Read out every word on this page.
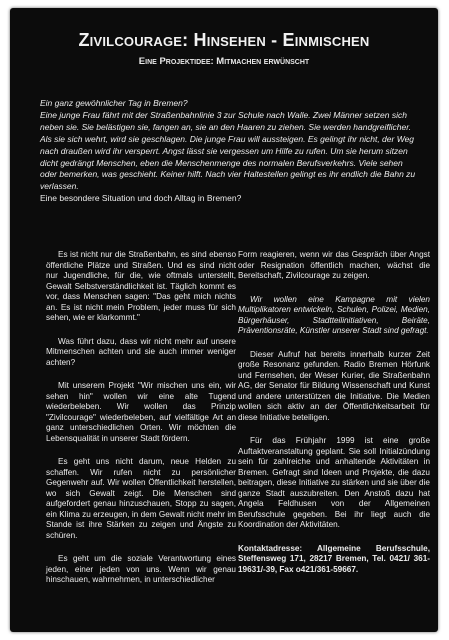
Zivilcourage: Hinsehen - Einmischen
Eine Projektidee: Mitmachen erwünscht
Ein ganz gewöhnlicher Tag in Bremen?
Eine junge Frau fährt mit der Straßenbahnlinie 3 zur Schule nach Walle. Zwei Männer setzen sich neben sie. Sie belästigen sie, fangen an, sie an den Haaren zu ziehen. Sie werden handgreiflicher. Als sie sich wehrt, wird sie geschlagen. Die junge Frau will aussteigen. Es gelingt ihr nicht, der Weg nach draußen wird ihr versperrt. Angst lässt sie vergessen um Hilfe zu rufen. Um sie herum sitzen dicht gedrängt Menschen, eben die Menschenmenge des normalen Berufsverkehrs. Viele sehen oder bemerken, was geschieht. Keiner hilft. Nach vier Haltestellen gelingt es ihr endlich die Bahn zu verlassen.
Eine besondere Situation und doch Alltag in Bremen?

Es ist nicht nur die Straßenbahn, es sind ebenso öffentliche Plätze und Straßen. Und es sind nicht nur Jugendliche, für die, wie oftmals unterstellt, Gewalt Selbstverständlichkeit ist. Täglich kommt es vor, dass Menschen sagen: "Das geht mich nichts an. Es ist nicht mein Problem, jeder muss für sich sehen, wie er klarkommt."

Was führt dazu, dass wir nicht mehr auf unsere Mitmenschen achten und sie auch immer weniger achten?

Mit unserem Projekt "Wir mischen uns ein, wir sehen hin" wollen wir eine alte Tugend wiederbeleben. Wir wollen das Prinzip "Zivilcourage" wiederbeleben, auf vielfältige Art an ganz unterschiedlichen Orten. Wir möchten die Lebensqualität in unserer Stadt fördern.

Es geht uns nicht darum, neue Helden zu schaffen. Wir rufen nicht zu persönlicher Gegenwehr auf. Wir wollen Öffentlichkeit herstellen, wo sich Gewalt zeigt. Die Menschen sind aufgefordert genau hinzuschauen, Stopp zu sagen, ein Klima zu erzeugen, in dem Gewalt nicht mehr im Stande ist ihre Stärken zu zeigen und Ängste zu schüren.

Es geht um die soziale Verantwortung eines jeden, einer jeden von uns. Wenn wir genau hinschauen, wahrnehmen, in unterschiedlicher

Form reagieren, wenn wir das Gespräch über Angst oder Resignation öffentlich machen, wächst die Bereitschaft, Zivilcourage zu zeigen.

Wir wollen eine Kampagne mit vielen Multiplikatoren entwickeln, Schulen, Polizei, Medien, Bürgerhäuser, Stadtteilinitiativen, Beiräte, Präventionsräte, Künstler unserer Stadt sind gefragt.

Dieser Aufruf hat bereits innerhalb kurzer Zeit große Resonanz gefunden. Radio Bremen Hörfunk und Fernsehen, der Weser Kurier, die Straßenbahn AG, der Senator für Bildung Wissenschaft und Kunst und andere unterstützen die Initiative. Die Medien wollen sich aktiv an der Öffentlichkeitsarbeit für diese Initiative beteiligen.

Für das Frühjahr 1999 ist eine große Auftaktveranstaltung geplant. Sie soll Initialzündung sein für zahlreiche und anhaltende Aktivitäten in Bremen. Gefragt sind Ideen und Projekte, die dazu beitragen, diese Initiative zu stärken und sie über die ganze Stadt auszubreiten. Den Anstoß dazu hat Angela Feldhusen von der Allgemeinen Berufsschule gegeben. Bei ihr liegt auch die Koordination der Aktivitäten.

Kontaktadresse: Allgemeine Berufsschule, Steffensweg 171, 28217 Bremen, Tel. 0421/ 361-19631/-39, Fax o421/361-59667.
